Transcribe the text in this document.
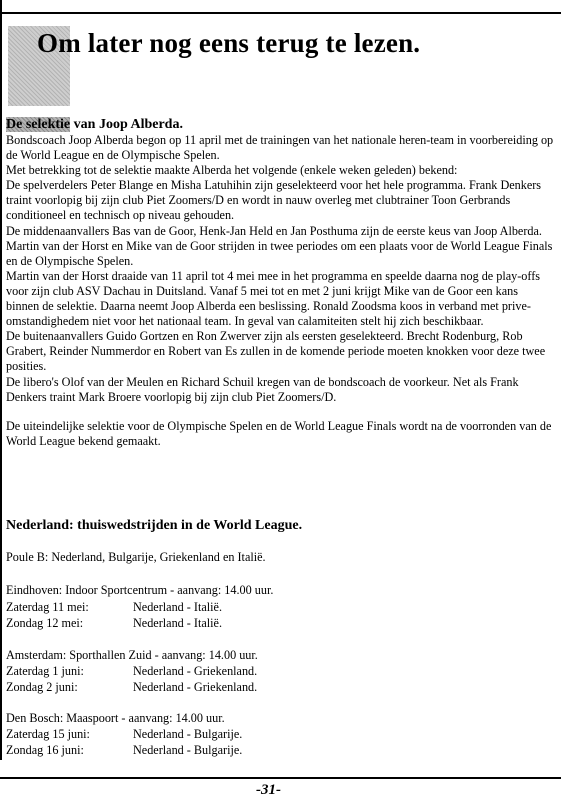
Om later nog eens terug te lezen.
De selektie van Joop Alberda.

Bondscoach Joop Alberda begon op 11 april met de trainingen van het nationale heren-team in voorbereiding op de World League en de Olympische Spelen.

Met betrekking tot de selektie maakte Alberda het volgende (enkele weken geleden) bekend:

De spelverdelers Peter Blange en Misha Latuhihin zijn geselekteerd voor het hele programma. Frank Denkers traint voorlopig bij zijn club Piet Zoomers/D en wordt in nauw overleg met clubtrainer Toon Gerbrands conditioneel en technisch op niveau gehouden.

De middenaanvallers Bas van de Goor, Henk-Jan Held en Jan Posthuma zijn de eerste keus van Joop Alberda. Martin van der Horst en Mike van de Goor strijden in twee periodes om een plaats voor de World League Finals en de Olympische Spelen.

Martin van der Horst draaide van 11 april tot 4 mei mee in het programma en speelde daarna nog de play-offs voor zijn club ASV Dachau in Duitsland. Vanaf 5 mei tot en met 2 juni krijgt Mike van de Goor een kans binnen de selektie. Daarna neemt Joop Alberda een beslissing. Ronald Zoodsma koos in verband met prive-omstandighedem niet voor het nationaal team. In geval van calamiteiten stelt hij zich beschikbaar.

De buitenaanvallers Guido Gortzen en Ron Zwerver zijn als eersten geselekteerd. Brecht Rodenburg, Rob Grabert, Reinder Nummerdor en Robert van Es zullen in de komende periode moeten knokken voor deze twee posities.

De libero's Olof van der Meulen en Richard Schuil kregen van de bondscoach de voorkeur. Net als Frank Denkers traint Mark Broere voorlopig bij zijn club Piet Zoomers/D.

De uiteindelijke selektie voor de Olympische Spelen en de World League Finals wordt na de voorronden van de World League bekend gemaakt.

Nederland: thuiswedstrijden in de World League.
Poule B: Nederland, Bulgarije, Griekenland en Italië.
Eindhoven: Indoor Sportcentrum - aanvang: 14.00 uur.
Zaterdag 11 mei:	Nederland - Italië.
Zondag 12 mei:	Nederland - Italië.
Amsterdam: Sporthallen Zuid - aanvang: 14.00 uur.
Zaterdag 1 juni:	Nederland - Griekenland.
Zondag 2 juni:	Nederland - Griekenland.
Den Bosch: Maaspoort - aanvang: 14.00 uur.
Zaterdag 15 juni:	Nederland - Bulgarije.
Zondag 16 juni:	Nederland - Bulgarije.
-31-
